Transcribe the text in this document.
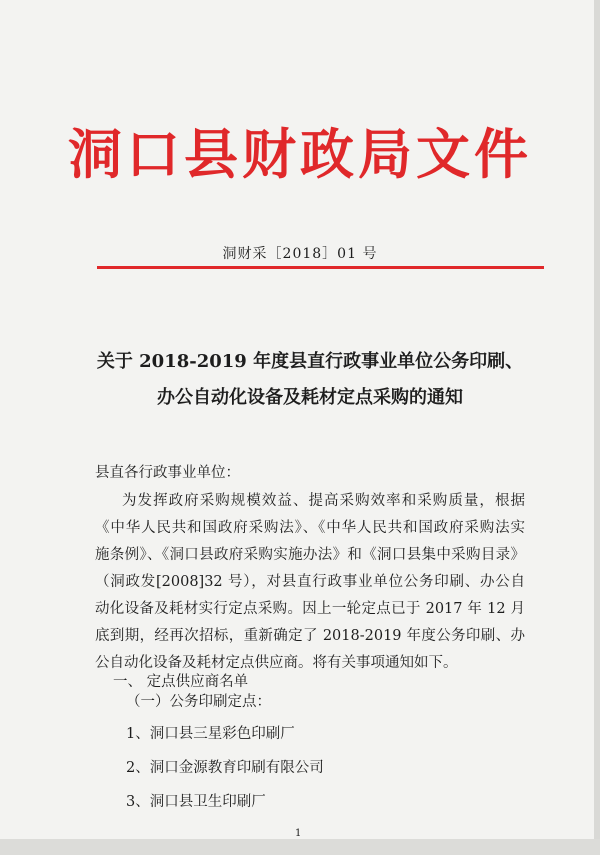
洞口县财政局文件
洞财采［2018］01 号
关于 2018-2019 年度县直行政事业单位公务印刷、
办公自动化设备及耗材定点采购的通知
县直各行政事业单位：
为发挥政府采购规模效益、提高采购效率和采购质量，根据
《中华人民共和国政府采购法》、《中华人民共和国政府采购法实
施条例》、《洞口县政府采购实施办法》和《洞口县集中采购目录》
（洞政发[2008]32 号），对县直行政事业单位公务印刷、办公自
动化设备及耗材实行定点采购。因上一轮定点已于 2017 年 12 月
底到期，经再次招标，重新确定了 2018-2019 年度公务印刷、办
公自动化设备及耗材定点供应商。将有关事项通知如下。
一、 定点供应商名单
（一）公务印刷定点：
1、洞口县三星彩色印刷厂
2、洞口金源教育印刷有限公司
3、洞口县卫生印刷厂
1
